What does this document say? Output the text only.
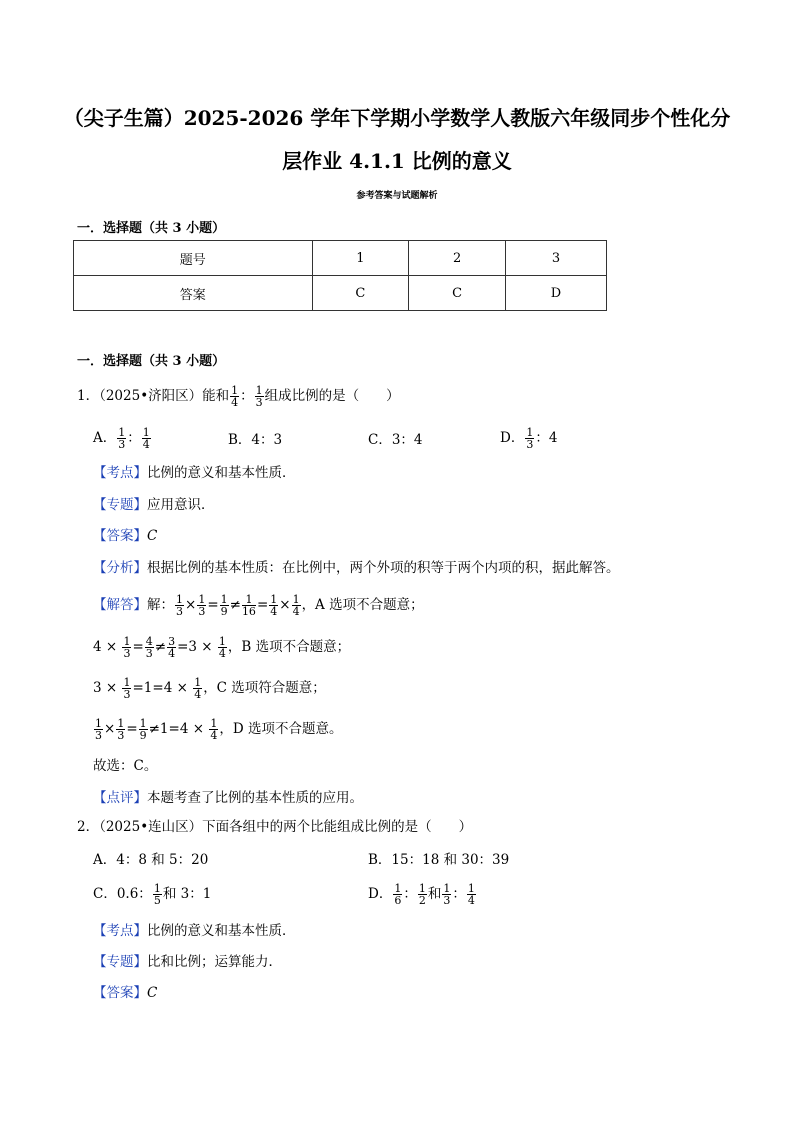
（尖子生篇）2025-2026 学年下学期小学数学人教版六年级同步个性化分
层作业 4.1.1 比例的意义
参考答案与试题解析
一．选择题（共 3 小题）
题号	1	2	3
答案	C	C	D
一．选择题（共 3 小题）
1．（2025•济阳区）能和 $\frac{1}{4}$ ： $\frac{1}{3}$ 组成比例的是（　　）
A． $\frac{1}{3}$ ： $\frac{1}{4}$	B．4：3	C．3：4	D． $\frac{1}{3}$ ：4
【考点】比例的意义和基本性质．
【专题】应用意识．
【答案】C
【分析】根据比例的基本性质：在比例中，两个外项的积等于两个内项的积，据此解答。
【解答】解： $\frac{1}{3} \times \frac{1}{3} = \frac{1}{9} \ne \frac{1}{16} = \frac{1}{4} \times \frac{1}{4}$ ，A 选项不合题意；
$4 \times \frac{1}{3} = \frac{4}{3} \ne \frac{3}{4} =3 \times \frac{1}{4}$ ，B 选项不合题意；
$3 \times \frac{1}{3} =1=4 \times \frac{1}{4}$ ，C 选项符合题意；
$\frac{1}{3} \times \frac{1}{3} = \frac{1}{9} \ne 1=4 \times \frac{1}{4}$ ，D 选项不合题意。
故选：C。
【点评】本题考查了比例的基本性质的应用。
2．（2025•连山区）下面各组中的两个比能组成比例的是（　　）
A．4：8 和 5：20	B．15：18 和 30：39
C．0.6： $\frac{1}{5}$ 和 3：1	D． $\frac{1}{6}$ ： $\frac{1}{2}$ 和 $\frac{1}{3}$ ： $\frac{1}{4}$
【考点】比例的意义和基本性质．
【专题】比和比例；运算能力．
【答案】C
